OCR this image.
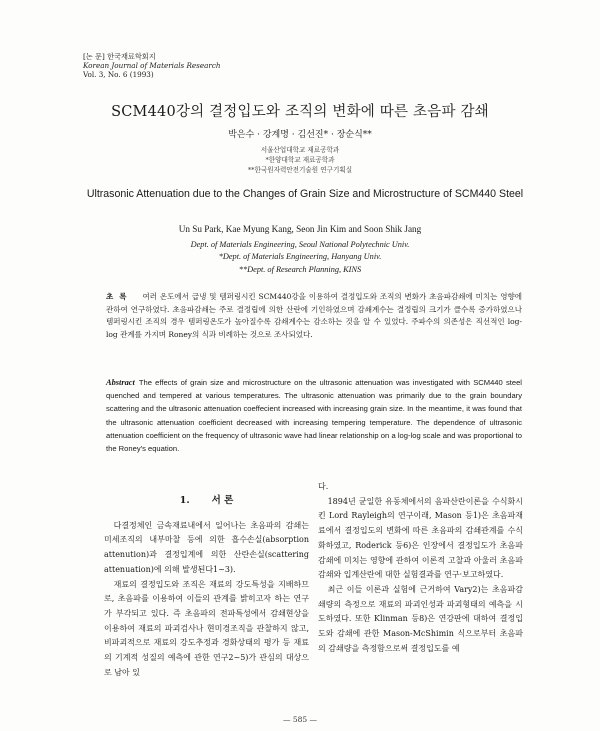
[논 문] 한국재료학회지
Korean Journal of Materials Research
Vol. 3, No. 6 (1993)
SCM440강의 결정입도와 조직의 변화에 따른 초음파 감쇄
박은수 · 강계명 · 김선진* · 장순식**
서울산업대학교 재료공학과
*한양대학교 재료공학과
**한국원자력안전기술원 연구기획실
Ultrasonic Attenuation due to the Changes of Grain Size and Microstructure of SCM440 Steel
Un Su Park, Kae Myung Kang, Seon Jin Kim and Soon Shik Jang
Dept. of Materials Engineering, Seoul National Polytechnic Univ.
*Dept. of Materials Engineering, Hanyang Univ.
**Dept. of Research Planning, KINS
초록 여러 온도에서 급냉 및 템퍼링시킨 SCM440강을 이용하여 결정입도와 조직의 변화가 초음파감쇄에 미치는 영향에 관하여 연구하였다. 초음파감쇄는 주로 결정립에 의한 산란에 기인하였으며 감쇄계수는 결정립의 크기가 클수록 증가하였으나 템퍼링시킨 조직의 경우 템퍼링온도가 높아질수록 감쇄계수는 감소하는 것을 알 수 있었다. 주파수의 의존성은 직선적인 log-log 관계를 가지며 Roney의 식과 비례하는 것으로 조사되었다.
Abstract The effects of grain size and microstructure on the ultrasonic attenuation was investigated with SCM440 steel quenched and tempered at various temperatures. The ultrasonic attenuation was primarily due to the grain boundary scattering and the ultrasonic attenuation coeffecient increased with increasing grain size. In the meantime, it was found that the ultrasonic attenuation coefficient decreased with increasing tempering temperature. The dependence of ultrasonic attenuation coefficient on the frequency of ultrasonic wave had linear relationship on a log-log scale and was proportional to the Roney's equation.
1. 서 론

다결정체인 금속재료내에서 일어나는 초음파의 감쇄는 미세조직의 내부마찰 등에 의한 흡수손실(absorption attenution)과 결정입계에 의한 산란손실(scattering attenuation)에 의해 발생된다1~3).

재료의 결정입도와 조직은 재료의 강도특성을 지배하므로, 초음파를 이용하여 이들의 관계를 밝히고자 하는 연구가 부각되고 있다. 즉 초음파의 전파특성에서 감쇄현상을 이용하여 재료의 파괴검사나 현미경조직을 관찰하지 않고, 비파괴적으로 재료의 강도추정과 경화상태의 평가 등 재료의 기계적 성질의 예측에 관한 연구2~5)가 관심의 대상으로 남아 있

다.

1894년 균일한 유동체에서의 음파산란이론을 수식화시킨 Lord Rayleigh의 연구이래, Mason 등1)은 초음파재료에서 결정입도의 변화에 따른 초음파의 감쇄관계를 수식화하였고, Roderick 등6)은 인장에서 결정입도가 초음파감쇄에 미치는 영향에 관하여 이론적 고찰과 아울러 초음파감쇄와 입계산란에 대한 실험결과를 연구·보고하였다.

최근 이들 이론과 실험에 근거하여 Vary2)는 초음파감쇄량의 측정으로 재료의 파괴인성과 파괴형태의 예측을 시도하였다. 또한 Klinman 등8)은 연강판에 대하여 결정입도와 감쇄에 관한 Mason-McShimin 식으로부터 초음파의 감쇄량을 측정함으로써 결정입도를 예

— 585 —
